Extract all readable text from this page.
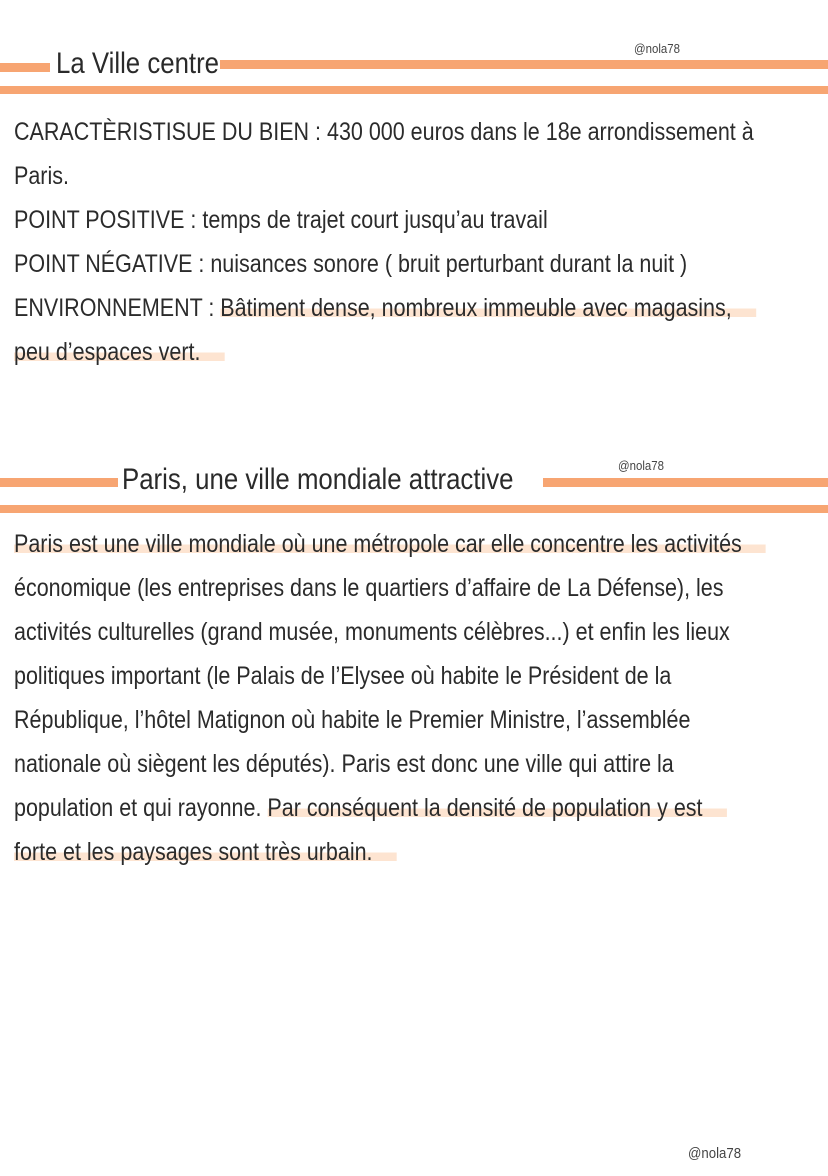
La Ville centre	@nola78
CARACTÈRISTISUE DU BIEN : 430 000 euros dans le 18e arrondissement à
Paris.
POINT POSITIVE : temps de trajet court jusqu’au travail
POINT NÉGATIVE : nuisances sonore ( bruit perturbant durant la nuit )
ENVIRONNEMENT : Bâtiment dense, nombreux immeuble avec magasins,
peu d’espaces vert.
Paris, une ville mondiale attractive	@nola78
Paris est une ville mondiale où une métropole car elle concentre les activités
économique (les entreprises dans le quartiers d’affaire de La Défense), les
activités culturelles (grand musée, monuments célèbres...) et enfin les lieux
politiques important (le Palais de l’Elysee où habite le Président de la
République, l’hôtel Matignon où habite le Premier Ministre, l’assemblée
nationale où siègent les députés). Paris est donc une ville qui attire la
population et qui rayonne. Par conséquent la densité de population y est
forte et les paysages sont très urbain.
@nola78
